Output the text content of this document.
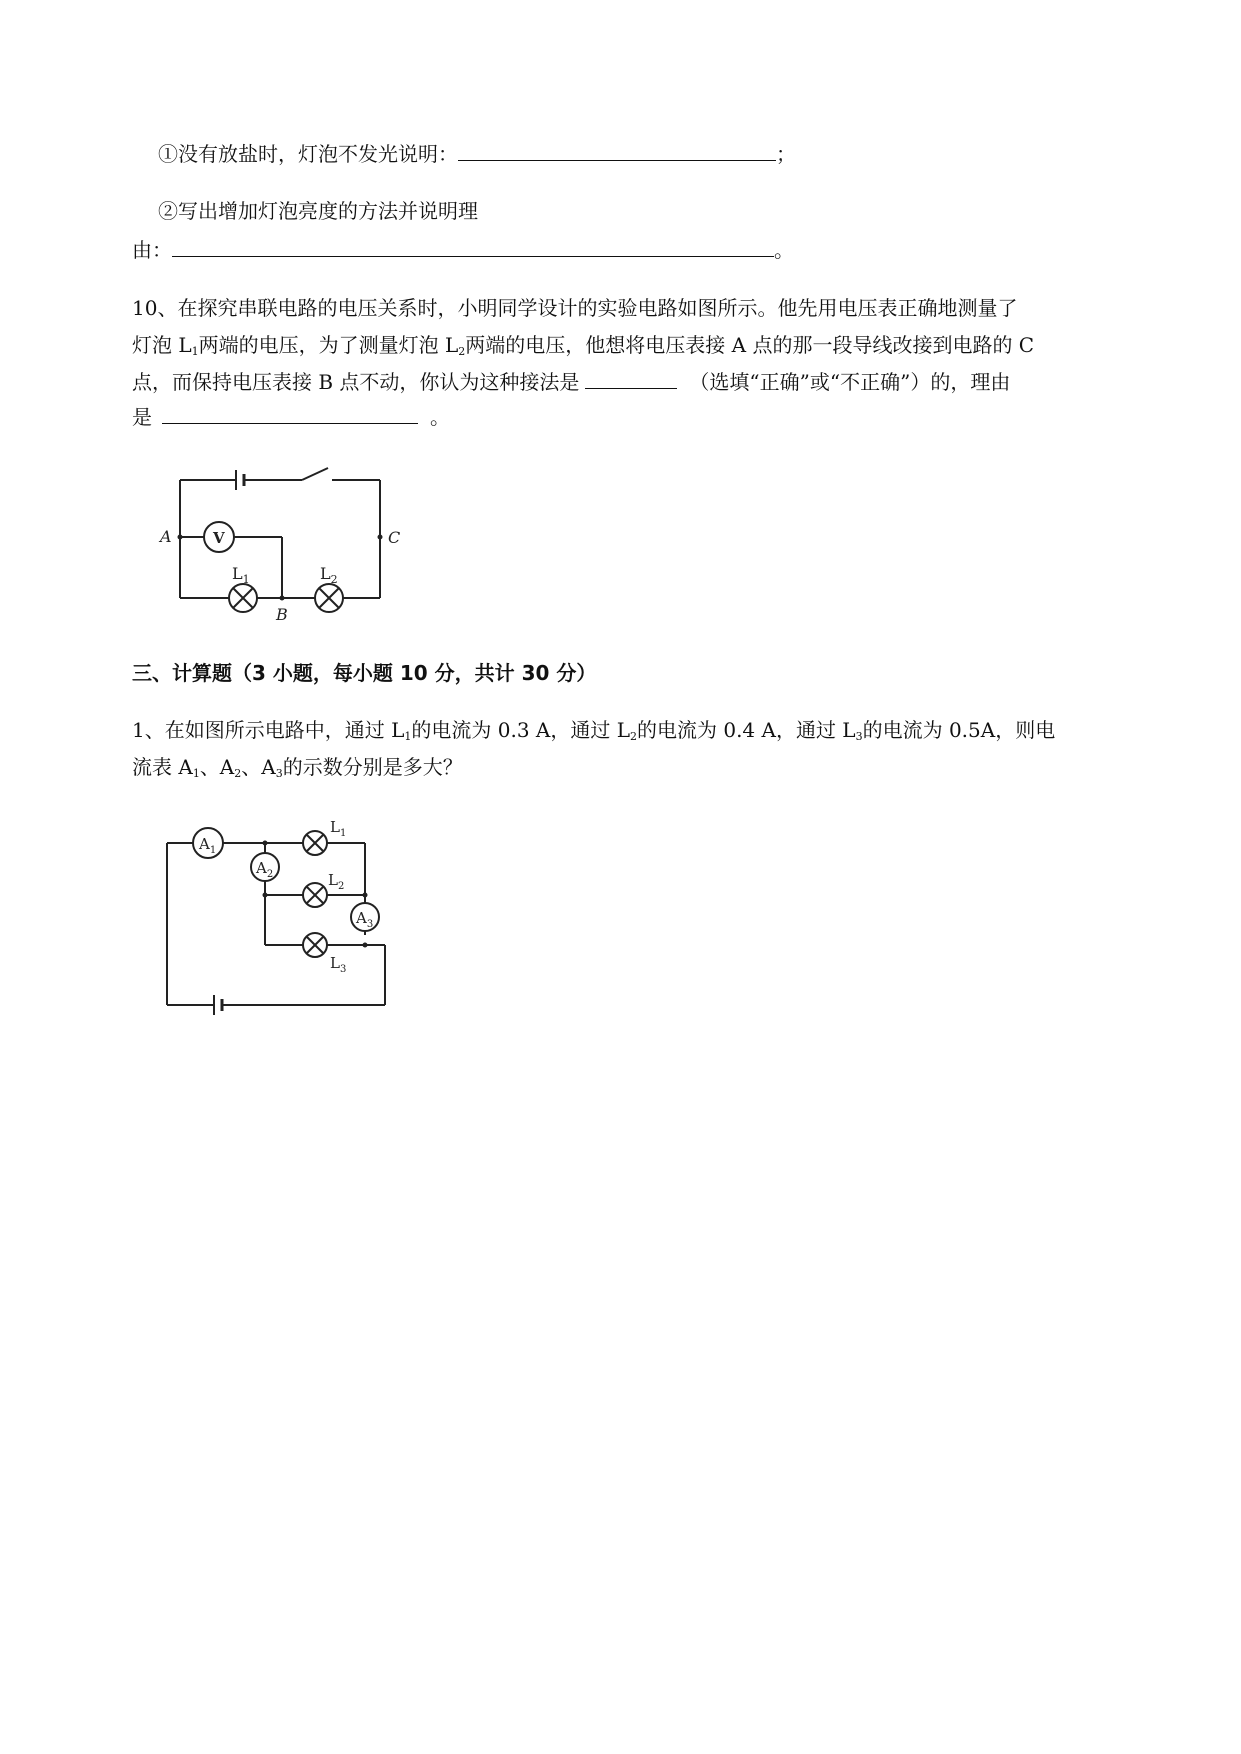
①没有放盐时，灯泡不发光说明：	；
②写出增加灯泡亮度的方法并说明理
由：	。
10、在探究串联电路的电压关系时，小明同学设计的实验电路如图所示。他先用电压表正确地测量了
灯泡 $L_1$两端的电压，为了测量灯泡 $L_2$两端的电压，他想将电压表接 A 点的那一段导线改接到电路的 C
点，而保持电压表接 B 点不动，你认为这种接法是	（选填“正确”或“不正确”）的，理由
是	。
A
B
C
V
$L_1$	$L_2$
三、计算题（3 小题，每小题 10 分，共计 30 分）
1、在如图所示电路中，通过 $L_1$的电流为 0.3 A，通过 $L_2$的电流为 0.4 A，通过 $L_3$的电流为 0.5A，则电
流表 $A_1$、$A_2$、$A_3$的示数分别是多大？
$A_1$
$A_2$
$A_3$
$L_1$
$L_2$
$L_3$
